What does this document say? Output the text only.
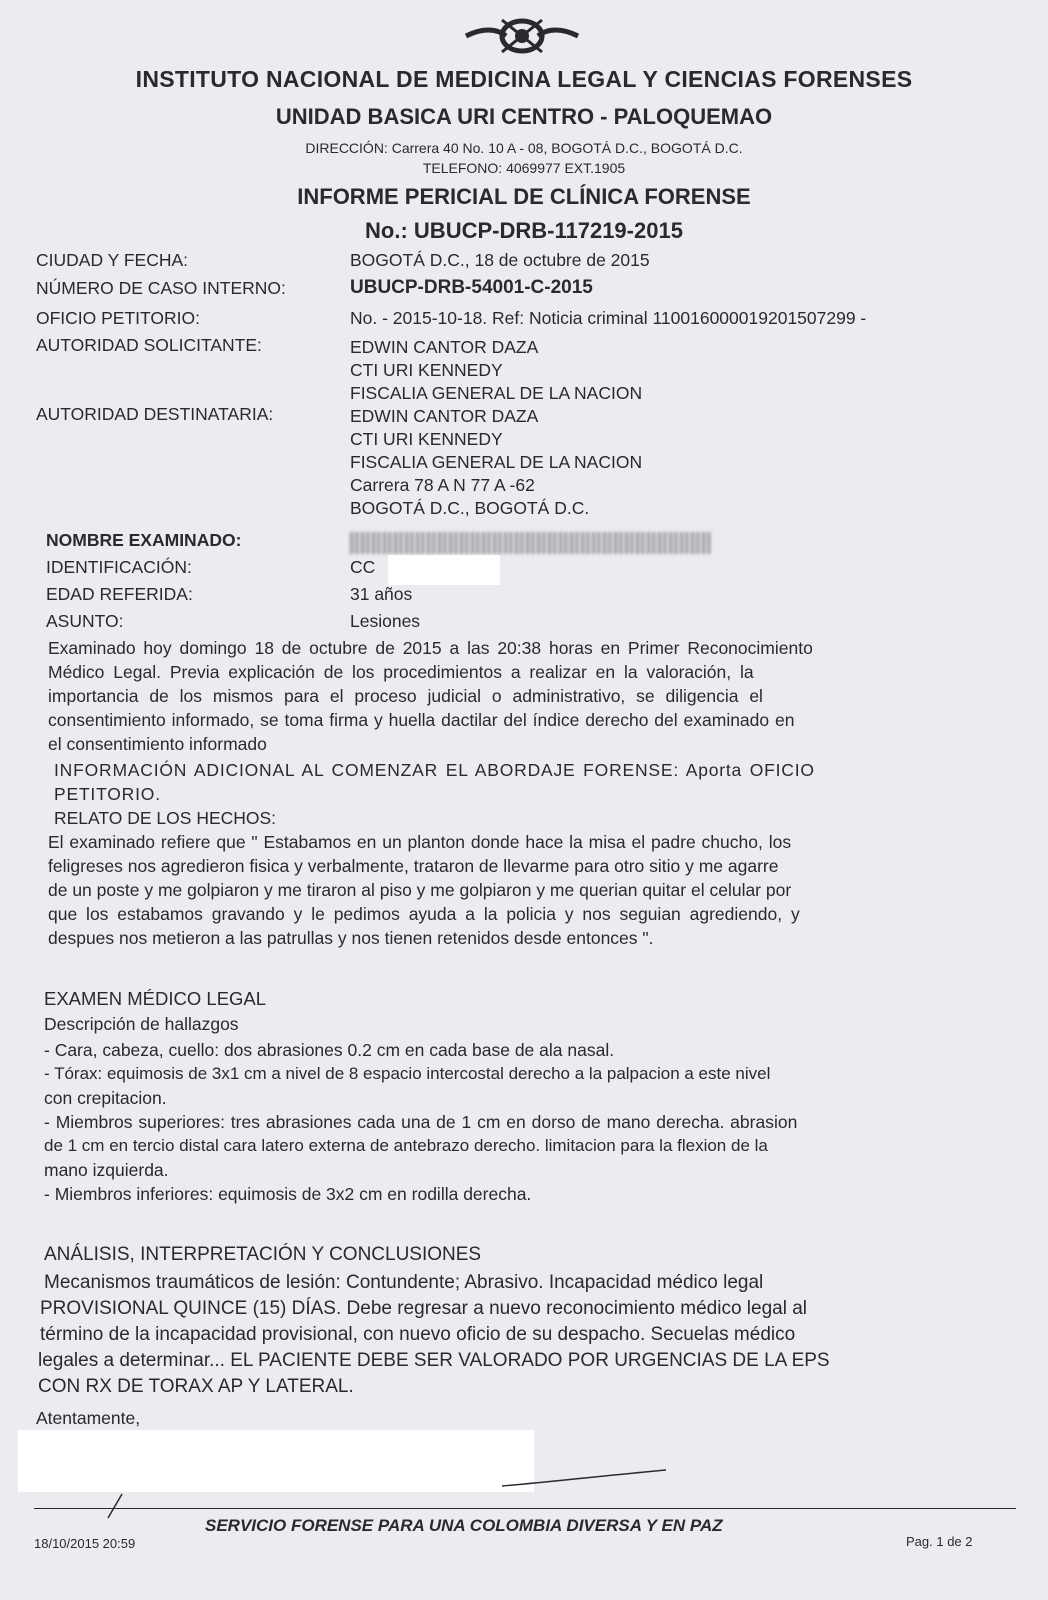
INSTITUTO NACIONAL DE MEDICINA LEGAL Y CIENCIAS FORENSES
UNIDAD BASICA URI CENTRO - PALOQUEMAO
DIRECCIÓN: Carrera 40 No. 10 A - 08, BOGOTÁ D.C., BOGOTÁ D.C.
TELEFONO: 4069977 EXT.1905
INFORME PERICIAL DE CLÍNICA FORENSE
No.: UBUCP-DRB-117219-2015
CIUDAD Y FECHA:	BOGOTÁ D.C., 18 de octubre de 2015
NÚMERO DE CASO INTERNO:	UBUCP-DRB-54001-C-2015
OFICIO PETITORIO:	No. - 2015-10-18. Ref: Noticia criminal 110016000019201507299 -
AUTORIDAD SOLICITANTE:	EDWIN CANTOR DAZA
CTI URI KENNEDY
FISCALIA GENERAL DE LA NACION
AUTORIDAD DESTINATARIA:	EDWIN CANTOR DAZA
CTI URI KENNEDY
FISCALIA GENERAL DE LA NACION
Carrera 78 A N 77 A -62
BOGOTÁ D.C., BOGOTÁ D.C.
NOMBRE EXAMINADO:
IDENTIFICACIÓN:	CC
EDAD REFERIDA:	31 años
ASUNTO:	Lesiones
Examinado hoy domingo 18 de octubre de 2015 a las 20:38 horas en Primer Reconocimiento
Médico Legal. Previa explicación de los procedimientos a realizar en la valoración, la
importancia de los mismos para el proceso judicial o administrativo, se diligencia el
consentimiento informado, se toma firma y huella dactilar del índice derecho del examinado en
el consentimiento informado
INFORMACIÓN ADICIONAL AL COMENZAR EL ABORDAJE FORENSE: Aporta OFICIO
PETITORIO.
RELATO DE LOS HECHOS:
El examinado refiere que " Estabamos en un planton donde hace la misa el padre chucho, los
feligreses nos agredieron fisica y verbalmente, trataron de llevarme para otro sitio y me agarre
de un poste y me golpiaron y me tiraron al piso y me golpiaron y me querian quitar el celular por
que los estabamos gravando y le pedimos ayuda a la policia y nos seguian agrediendo, y
despues nos metieron a las patrullas y nos tienen retenidos desde entonces ".
EXAMEN MÉDICO LEGAL
Descripción de hallazgos
- Cara, cabeza, cuello: dos abrasiones 0.2 cm en cada base de ala nasal.
- Tórax: equimosis de 3x1 cm a nivel de 8 espacio intercostal derecho a la palpacion a este nivel
con crepitacion.
- Miembros superiores: tres abrasiones cada una de 1 cm en dorso de mano derecha. abrasion
de 1 cm en tercio distal cara latero externa de antebrazo derecho. limitacion para la flexion de la
mano izquierda.
- Miembros inferiores: equimosis de 3x2 cm en rodilla derecha.
ANÁLISIS, INTERPRETACIÓN Y CONCLUSIONES
Mecanismos traumáticos de lesión: Contundente; Abrasivo. Incapacidad médico legal
PROVISIONAL QUINCE (15) DÍAS. Debe regresar a nuevo reconocimiento médico legal al
término de la incapacidad provisional, con nuevo oficio de su despacho. Secuelas médico
legales a determinar... EL PACIENTE DEBE SER VALORADO POR URGENCIAS DE LA EPS
CON RX DE TORAX AP Y LATERAL.
Atentamente,
SERVICIO FORENSE PARA UNA COLOMBIA DIVERSA Y EN PAZ
18/10/2015 20:59	Pag. 1 de 2
